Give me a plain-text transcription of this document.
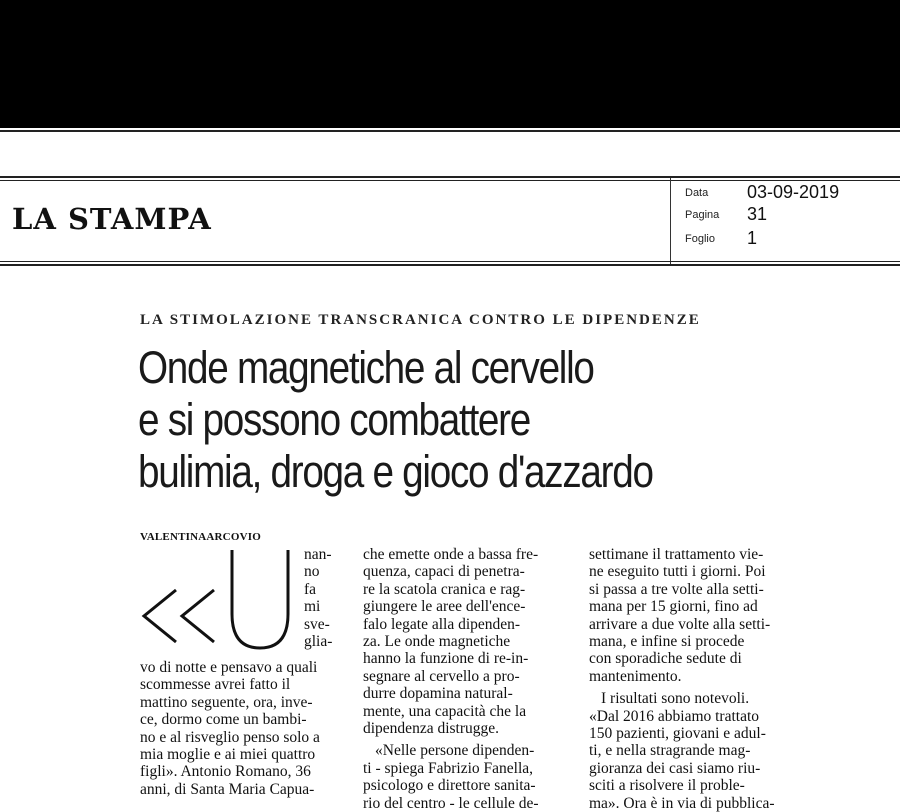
LA STAMPA
Data 03-09-2019
Pagina 31
Foglio 1
LA STIMOLAZIONE TRANSCRANICA CONTRO LE DIPENDENZE
Onde magnetiche al cervello
e si possono combattere
bulimia, droga e gioco d'azzardo
VALENTINAARCOVIO
nan-
no
fa
mi
sve-
glia-
vo di notte e pensavo a quali
scommesse avrei fatto il
mattino seguente, ora, inve-
ce, dormo come un bambi-
no e al risveglio penso solo a
mia moglie e ai miei quattro
figli». Antonio Romano, 36
anni, di Santa Maria Capua-
che emette onde a bassa fre-
quenza, capaci di penetra-
re la scatola cranica e rag-
giungere le aree dell'ence-
falo legate alla dipenden-
za. Le onde magnetiche
hanno la funzione di re-in-
segnare al cervello a pro-
durre dopamina natural-
mente, una capacità che la
dipendenza distrugge.
«Nelle persone dipenden-
ti - spiega Fabrizio Fanella,
psicologo e direttore sanita-
rio del centro - le cellule de-
settimane il trattamento vie-
ne eseguito tutti i giorni. Poi
si passa a tre volte alla setti-
mana per 15 giorni, fino ad
arrivare a due volte alla setti-
mana, e infine si procede
con sporadiche sedute di
mantenimento.
I risultati sono notevoli.
«Dal 2016 abbiamo trattato
150 pazienti, giovani e adul-
ti, e nella stragrande mag-
gioranza dei casi siamo riu-
sciti a risolvere il proble-
ma». Ora è in via di pubblica-
